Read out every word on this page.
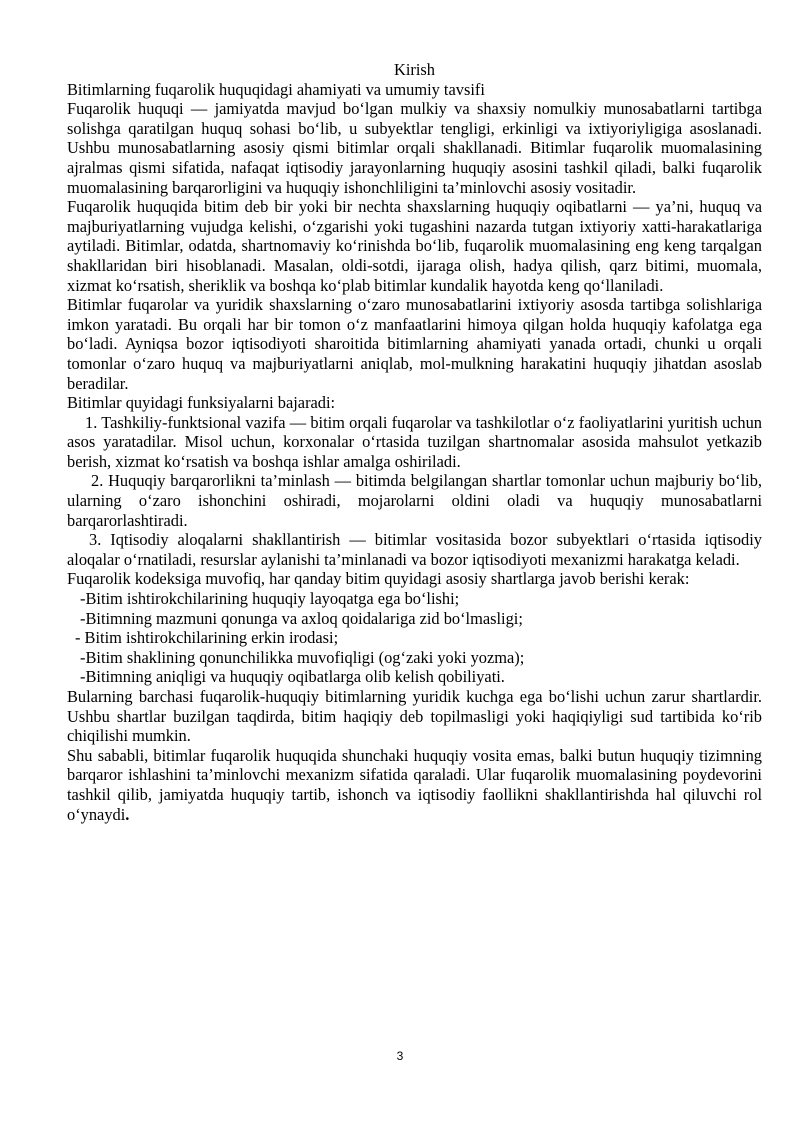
Kirish

Bitimlarning fuqarolik huquqidagi ahamiyati va umumiy tavsifi

Fuqarolik huquqi — jamiyatda mavjud bo‘lgan mulkiy va shaxsiy nomulkiy munosabatlarni tartibga solishga qaratilgan huquq sohasi bo‘lib, u subyektlar tengligi, erkinligi va ixtiyoriyligiga asoslanadi. Ushbu munosabatlarning asosiy qismi bitimlar orqali shakllanadi. Bitimlar fuqarolik muomalasining ajralmas qismi sifatida, nafaqat iqtisodiy jarayonlarning huquqiy asosini tashkil qiladi, balki fuqarolik muomalasining barqarorligini va huquqiy ishonchliligini ta’minlovchi asosiy vositadir.

Fuqarolik huquqida bitim deb bir yoki bir nechta shaxslarning huquqiy oqibatlarni — ya’ni, huquq va majburiyatlarning vujudga kelishi, o‘zgarishi yoki tugashini nazarda tutgan ixtiyoriy xatti-harakatlariga aytiladi. Bitimlar, odatda, shartnomaviy ko‘rinishda bo‘lib, fuqarolik muomalasining eng keng tarqalgan shakllaridan biri hisoblanadi. Masalan, oldi-sotdi, ijaraga olish, hadya qilish, qarz bitimi, muomala, xizmat ko‘rsatish, sheriklik va boshqa ko‘plab bitimlar kundalik hayotda keng qo‘llaniladi.

Bitimlar fuqarolar va yuridik shaxslarning o‘zaro munosabatlarini ixtiyoriy asosda tartibga solishlariga imkon yaratadi. Bu orqali har bir tomon o‘z manfaatlarini himoya qilgan holda huquqiy kafolatga ega bo‘ladi. Ayniqsa bozor iqtisodiyoti sharoitida bitimlarning ahamiyati yanada ortadi, chunki u orqali tomonlar o‘zaro huquq va majburiyatlarni aniqlab, mol-mulkning harakatini huquqiy jihatdan asoslab beradilar.

Bitimlar quyidagi funksiyalarni bajaradi:

1. Tashkiliy-funktsional vazifa — bitim orqali fuqarolar va tashkilotlar o‘z faoliyatlarini yuritish uchun asos yaratadilar. Misol uchun, korxonalar o‘rtasida tuzilgan shartnomalar asosida mahsulot yetkazib berish, xizmat ko‘rsatish va boshqa ishlar amalga oshiriladi.

2. Huquqiy barqarorlikni ta’minlash — bitimda belgilangan shartlar tomonlar uchun majburiy bo‘lib, ularning o‘zaro ishonchini oshiradi, mojarolarni oldini oladi va huquqiy munosabatlarni barqarorlashtiradi.

3. Iqtisodiy aloqalarni shakllantirish — bitimlar vositasida bozor subyektlari o‘rtasida iqtisodiy aloqalar o‘rnatiladi, resurslar aylanishi ta’minlanadi va bozor iqtisodiyoti mexanizmi harakatga keladi.

Fuqarolik kodeksiga muvofiq, har qanday bitim quyidagi asosiy shartlarga javob berishi kerak:

-Bitim ishtirokchilarining huquqiy layoqatga ega bo‘lishi;

-Bitimning mazmuni qonunga va axloq qoidalariga zid bo‘lmasligi;

- Bitim ishtirokchilarining erkin irodasi;

-Bitim shaklining qonunchilikka muvofiqligi (og‘zaki yoki yozma);

-Bitimning aniqligi va huquqiy oqibatlarga olib kelish qobiliyati.

Bularning barchasi fuqarolik-huquqiy bitimlarning yuridik kuchga ega bo‘lishi uchun zarur shartlardir. Ushbu shartlar buzilgan taqdirda, bitim haqiqiy deb topilmasligi yoki haqiqiyligi sud tartibida ko‘rib chiqilishi mumkin.

Shu sababli, bitimlar fuqarolik huquqida shunchaki huquqiy vosita emas, balki butun huquqiy tizimning barqaror ishlashini ta’minlovchi mexanizm sifatida qaraladi. Ular fuqarolik muomalasining poydevorini tashkil qilib, jamiyatda huquqiy tartib, ishonch va iqtisodiy faollikni shakllantirishda hal qiluvchi rol o‘ynaydi.

3
